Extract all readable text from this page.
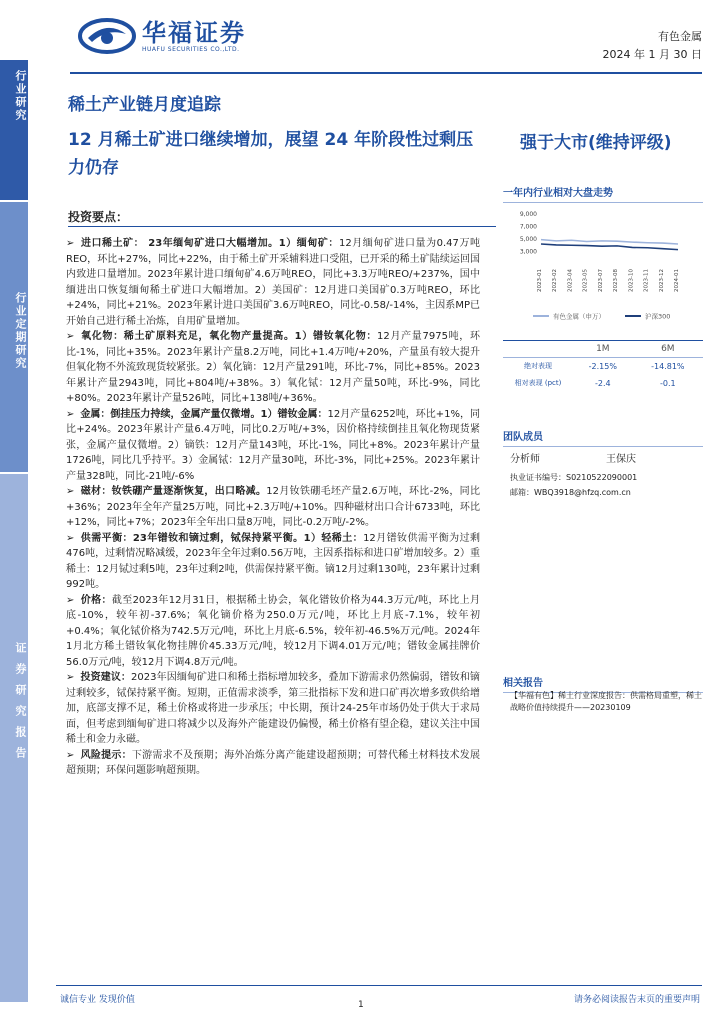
行业研究
行业定期研究
证券研究报告
华福证券
HUAFU SECURITIES CO.,LTD.
有色金属
2024 年 1 月 30 日
稀土产业链月度追踪
12 月稀土矿进口继续增加，展望 24 年阶段性过剩压力仍存
强于大市(维持评级)
投资要点：
➢ 进口稀土矿： 23年缅甸矿进口大幅增加。1）缅甸矿：12月缅甸矿进口量为0.47万吨REO，环比+27%，同比+22%，由于稀土矿开采辅料进口受阻，已开采的稀土矿陆续运回国内致进口量增加。2023年累计进口缅甸矿4.6万吨REO，同比+3.3万吨REO/+237%，国中缅进出口恢复缅甸稀土矿进口大幅增加。2）美国矿：12月进口美国矿0.3万吨REO，环比+24%，同比+21%。2023年累计进口美国矿3.6万吨REO，同比-0.58/-14%，主因系MP已开始自己进行稀土冶炼，自用矿量增加。
➢ 氧化物：稀土矿原料充足，氧化物产量提高。1）镨钕氧化物：12月产量7975吨，环比-1%，同比+35%。2023年累计产量8.2万吨，同比+1.4万吨/+20%，产量虽有较大提升但氧化物不外流致现货较紧张。2）氧化镝：12月产量291吨，环比-7%，同比+85%。2023年累计产量2943吨，同比+804吨/+38%。3）氧化铽：12月产量50吨，环比-9%，同比+80%。2023年累计产量526吨，同比+138吨/+36%。
➢ 金属：倒挂压力持续，金属产量仅微增。1）镨钕金属：12月产量6252吨，环比+1%，同比+24%。2023年累计产量6.4万吨，同比0.2万吨/+3%，因价格持续倒挂且氧化物现货紧张，金属产量仅微增。2）镝铁：12月产量143吨，环比-1%，同比+8%。2023年累计产量1726吨，同比几乎持平。3）金属铽：12月产量30吨，环比-3%，同比+25%。2023年累计产量328吨，同比-21吨/-6%
➢ 磁材：钕铁硼产量逐渐恢复，出口略减。12月钕铁硼毛坯产量2.6万吨，环比-2%，同比+36%；2023年全年产量25万吨，同比+2.3万吨/+10%。四种磁材出口合计6733吨，环比+12%，同比+7%；2023年全年出口量8万吨，同比-0.2万吨/-2%。
➢ 供需平衡：23年镨钕和镝过剩，铽保持紧平衡。1）轻稀土：12月镨钕供需平衡为过剩476吨，过剩情况略减缓，2023年全年过剩0.56万吨，主因系指标和进口矿增加较多。2）重稀土：12月铽过剩5吨，23年过剩2吨，供需保持紧平衡。镝12月过剩130吨，23年累计过剩992吨。
➢ 价格：截至2023年12月31日，根据稀土协会，氧化镨钕价格为44.3万元/吨，环比上月底-10%，较年初-37.6%；氧化镝价格为250.0万元/吨，环比上月底-7.1%，较年初+0.4%；氧化铽价格为742.5万元/吨，环比上月底-6.5%，较年初-46.5%万元/吨。2024年1月北方稀土镨钕氧化物挂牌价45.33万元/吨，较12月下调4.01万元/吨；镨钕金属挂牌价56.0万元/吨，较12月下调4.8万元/吨。
➢ 投资建议：2023年因缅甸矿进口和稀土指标增加较多，叠加下游需求仍然偏弱，镨钕和镝过剩较多，铽保持紧平衡。短期，正值需求淡季，第三批指标下发和进口矿再次增多致供给增加，底部支撑不足，稀土价格或将进一步承压；中长期，预计24-25年市场仍处于供大于求局面，但考虑到缅甸矿进口将减少以及海外产能建设仍偏慢，稀土价格有望企稳，建议关注中国稀土和金力永磁。
➢ 风险提示：下游需求不及预期；海外冶炼分离产能建设超预期；可替代稀土材料技术发展超预期；环保问题影响超预期。
一年内行业相对大盘走势
9,000
7,000
5,000
3,000
2023-01 2023-02 2023-04 2023-05 2023-07 2023-08 2023-10 2023-11 2023-12 2024-01
有色金属（申万）	沪深300
	1M	6M
绝对表现	-2.15%	-14.81%
相对表现 (pct)	-2.4	-0.1
团队成员
分析师	王保庆
执业证书编号：S0210522090001
邮箱：WBQ3918@hfzq.com.cn
相关报告
【华福有色】稀土行业深度报告：供需格局重塑，稀土战略价值持续提升——20230109
诚信专业 发现价值	1	请务必阅读报告末页的重要声明
